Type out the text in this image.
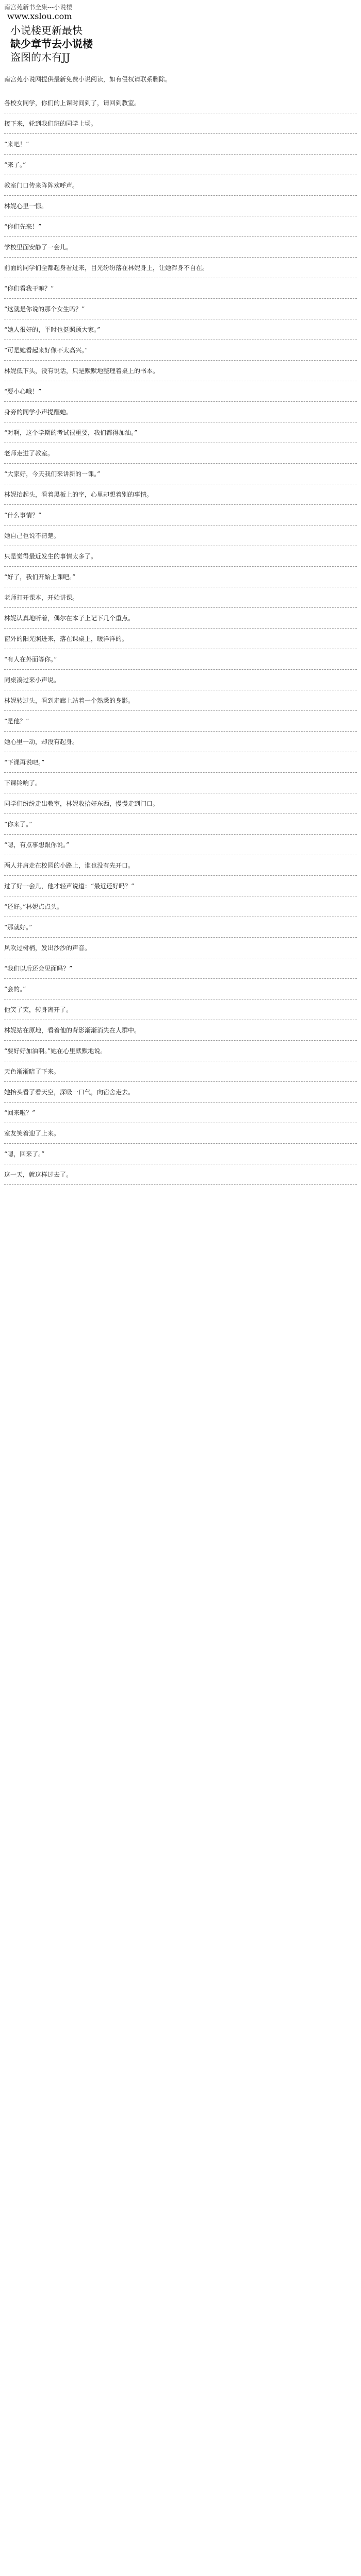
南宫苑新书全集---小说楼
www.xslou.com
小说楼更新最快
缺少章节去小说楼
盗图的木有JJ
南宫苑小说网提供最新免费小说阅读，如有侵权请联系删除。

各校女同学，你们的上课时间到了，请回到教室。

接下来，轮到我们班的同学上场。

“来吧！”

“来了。”

教室门口传来阵阵欢呼声。

林妮心里一惊。

“你们先来！”

学校里面安静了一会儿。

前面的同学们全都起身看过来，目光纷纷落在林妮身上，让她浑身不自在。

“你们看我干嘛？”

“这就是你说的那个女生吗？”

“她人很好的，平时也挺照顾大家。”

“可是她看起来好像不太高兴。”

林妮低下头，没有说话，只是默默地整理着桌上的书本。

“要小心哦！”

身旁的同学小声提醒她。

“对啊，这个学期的考试很重要，我们都得加油。”

老师走进了教室。

“大家好，今天我们来讲新的一课。”

林妮抬起头，看着黑板上的字，心里却想着别的事情。

“什么事情？”

她自己也说不清楚。

只是觉得最近发生的事情太多了。

“好了，我们开始上课吧。”

老师打开课本，开始讲课。

林妮认真地听着，偶尔在本子上记下几个重点。

窗外的阳光照进来，落在课桌上，暖洋洋的。

“有人在外面等你。”

同桌凑过来小声说。

林妮转过头，看到走廊上站着一个熟悉的身影。

“是他？”

她心里一动，却没有起身。

“下课再说吧。”

下课铃响了。

同学们纷纷走出教室，林妮收拾好东西，慢慢走到门口。

“你来了。”

“嗯，有点事想跟你说。”

两人并肩走在校园的小路上，谁也没有先开口。

过了好一会儿，他才轻声说道：“最近还好吗？”

“还好。”林妮点点头。

“那就好。”

风吹过树梢，发出沙沙的声音。

“我们以后还会见面吗？”

“会的。”

他笑了笑，转身离开了。

林妮站在原地，看着他的背影渐渐消失在人群中。

“要好好加油啊。”她在心里默默地说。

天色渐渐暗了下来。

她抬头看了看天空，深吸一口气，向宿舍走去。

“回来啦？”

室友笑着迎了上来。

“嗯，回来了。”

这一天，就这样过去了。
